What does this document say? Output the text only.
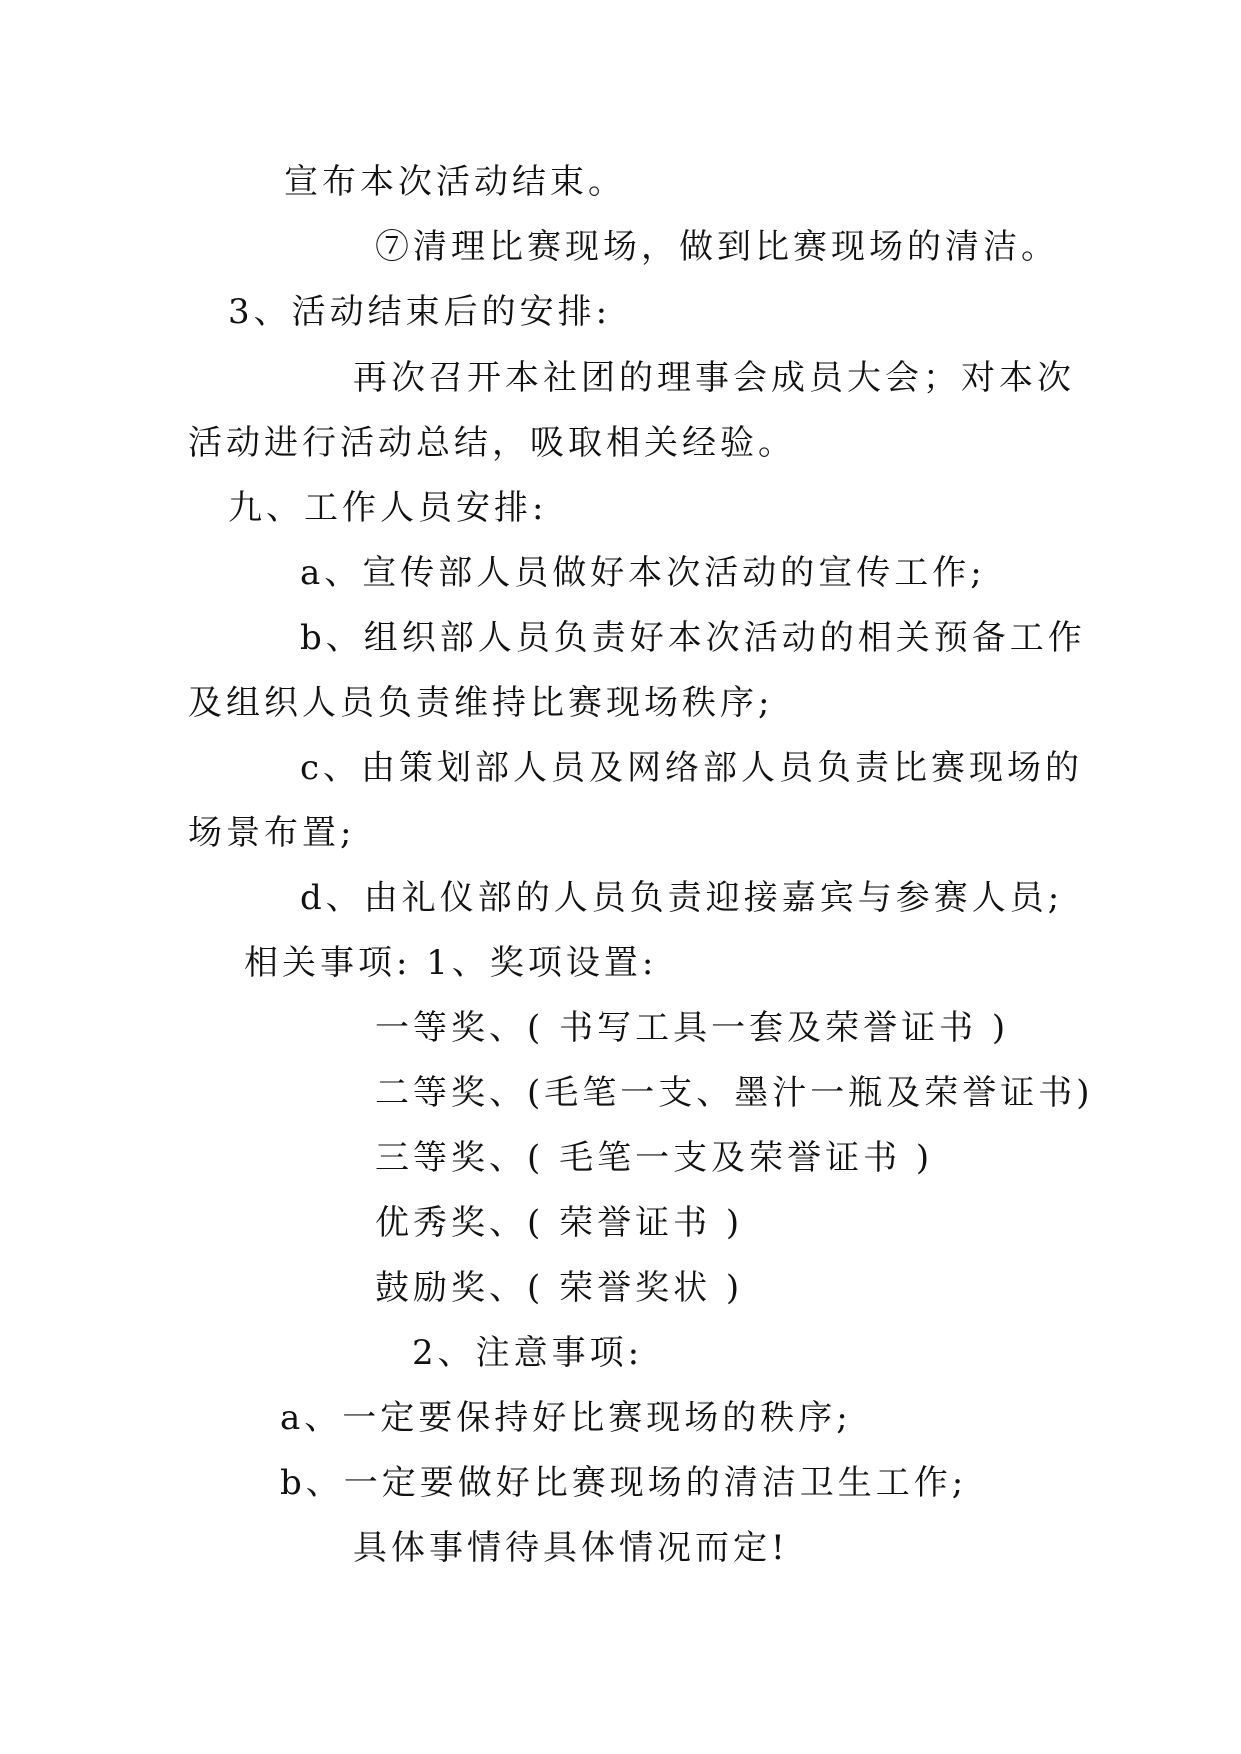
宣布本次活动结束。
⑦清理比赛现场，做到比赛现场的清洁。
3、活动结束后的安排:
再次召开本社团的理事会成员大会；对本次
活动进行活动总结，吸取相关经验。
九、工作人员安排:
a、宣传部人员做好本次活动的宣传工作;
b、组织部人员负责好本次活动的相关预备工作
及组织人员负责维持比赛现场秩序;
c、由策划部人员及网络部人员负责比赛现场的
场景布置;
d、由礼仪部的人员负责迎接嘉宾与参赛人员;
相关事项: 1、奖项设置:
一等奖、( 书写工具一套及荣誉证书 )
二等奖、(毛笔一支、墨汁一瓶及荣誉证书)
三等奖、( 毛笔一支及荣誉证书 )
优秀奖、( 荣誉证书 )
鼓励奖、( 荣誉奖状 )
2、注意事项:
a、一定要保持好比赛现场的秩序;
b、一定要做好比赛现场的清洁卫生工作;
具体事情待具体情况而定!
